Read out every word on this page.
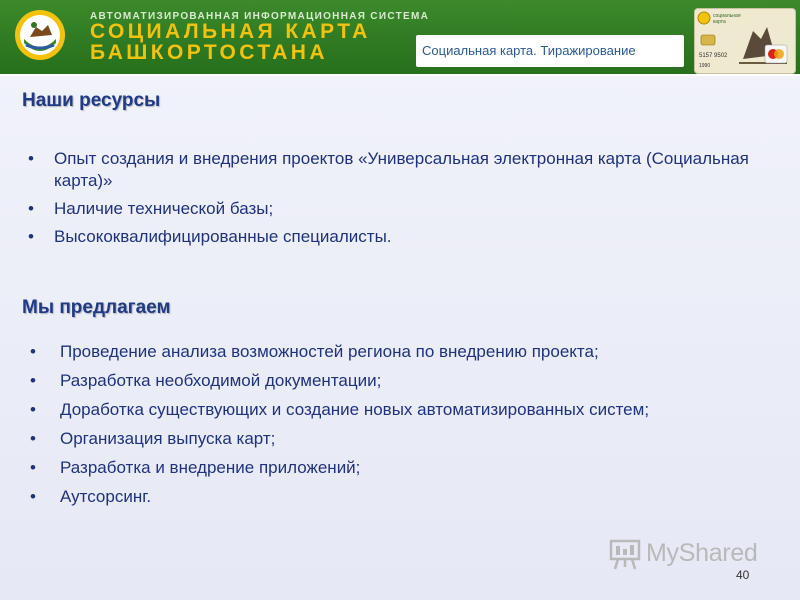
АВТОМАТИЗИРОВАННАЯ ИНФОРМАЦИОННАЯ СИСТЕМА
СОЦИАЛЬНАЯ КАРТА
БАШКОРТОСТАНА	Социальная карта. Тиражирование
социальная
карта
5157 9502
1990
Наши ресурсы
• Опыт создания и внедрения проектов «Универсальная электронная карта (Социальная карта)»
• Наличие технической базы;
• Высококвалифицированные специалисты.
Мы предлагаем
• Проведение анализа возможностей региона по внедрению проекта;
• Разработка необходимой документации;
• Доработка существующих и создание новых автоматизированных систем;
• Организация выпуска карт;
• Разработка и внедрение приложений;
• Аутсорсинг.
MyShared
40
